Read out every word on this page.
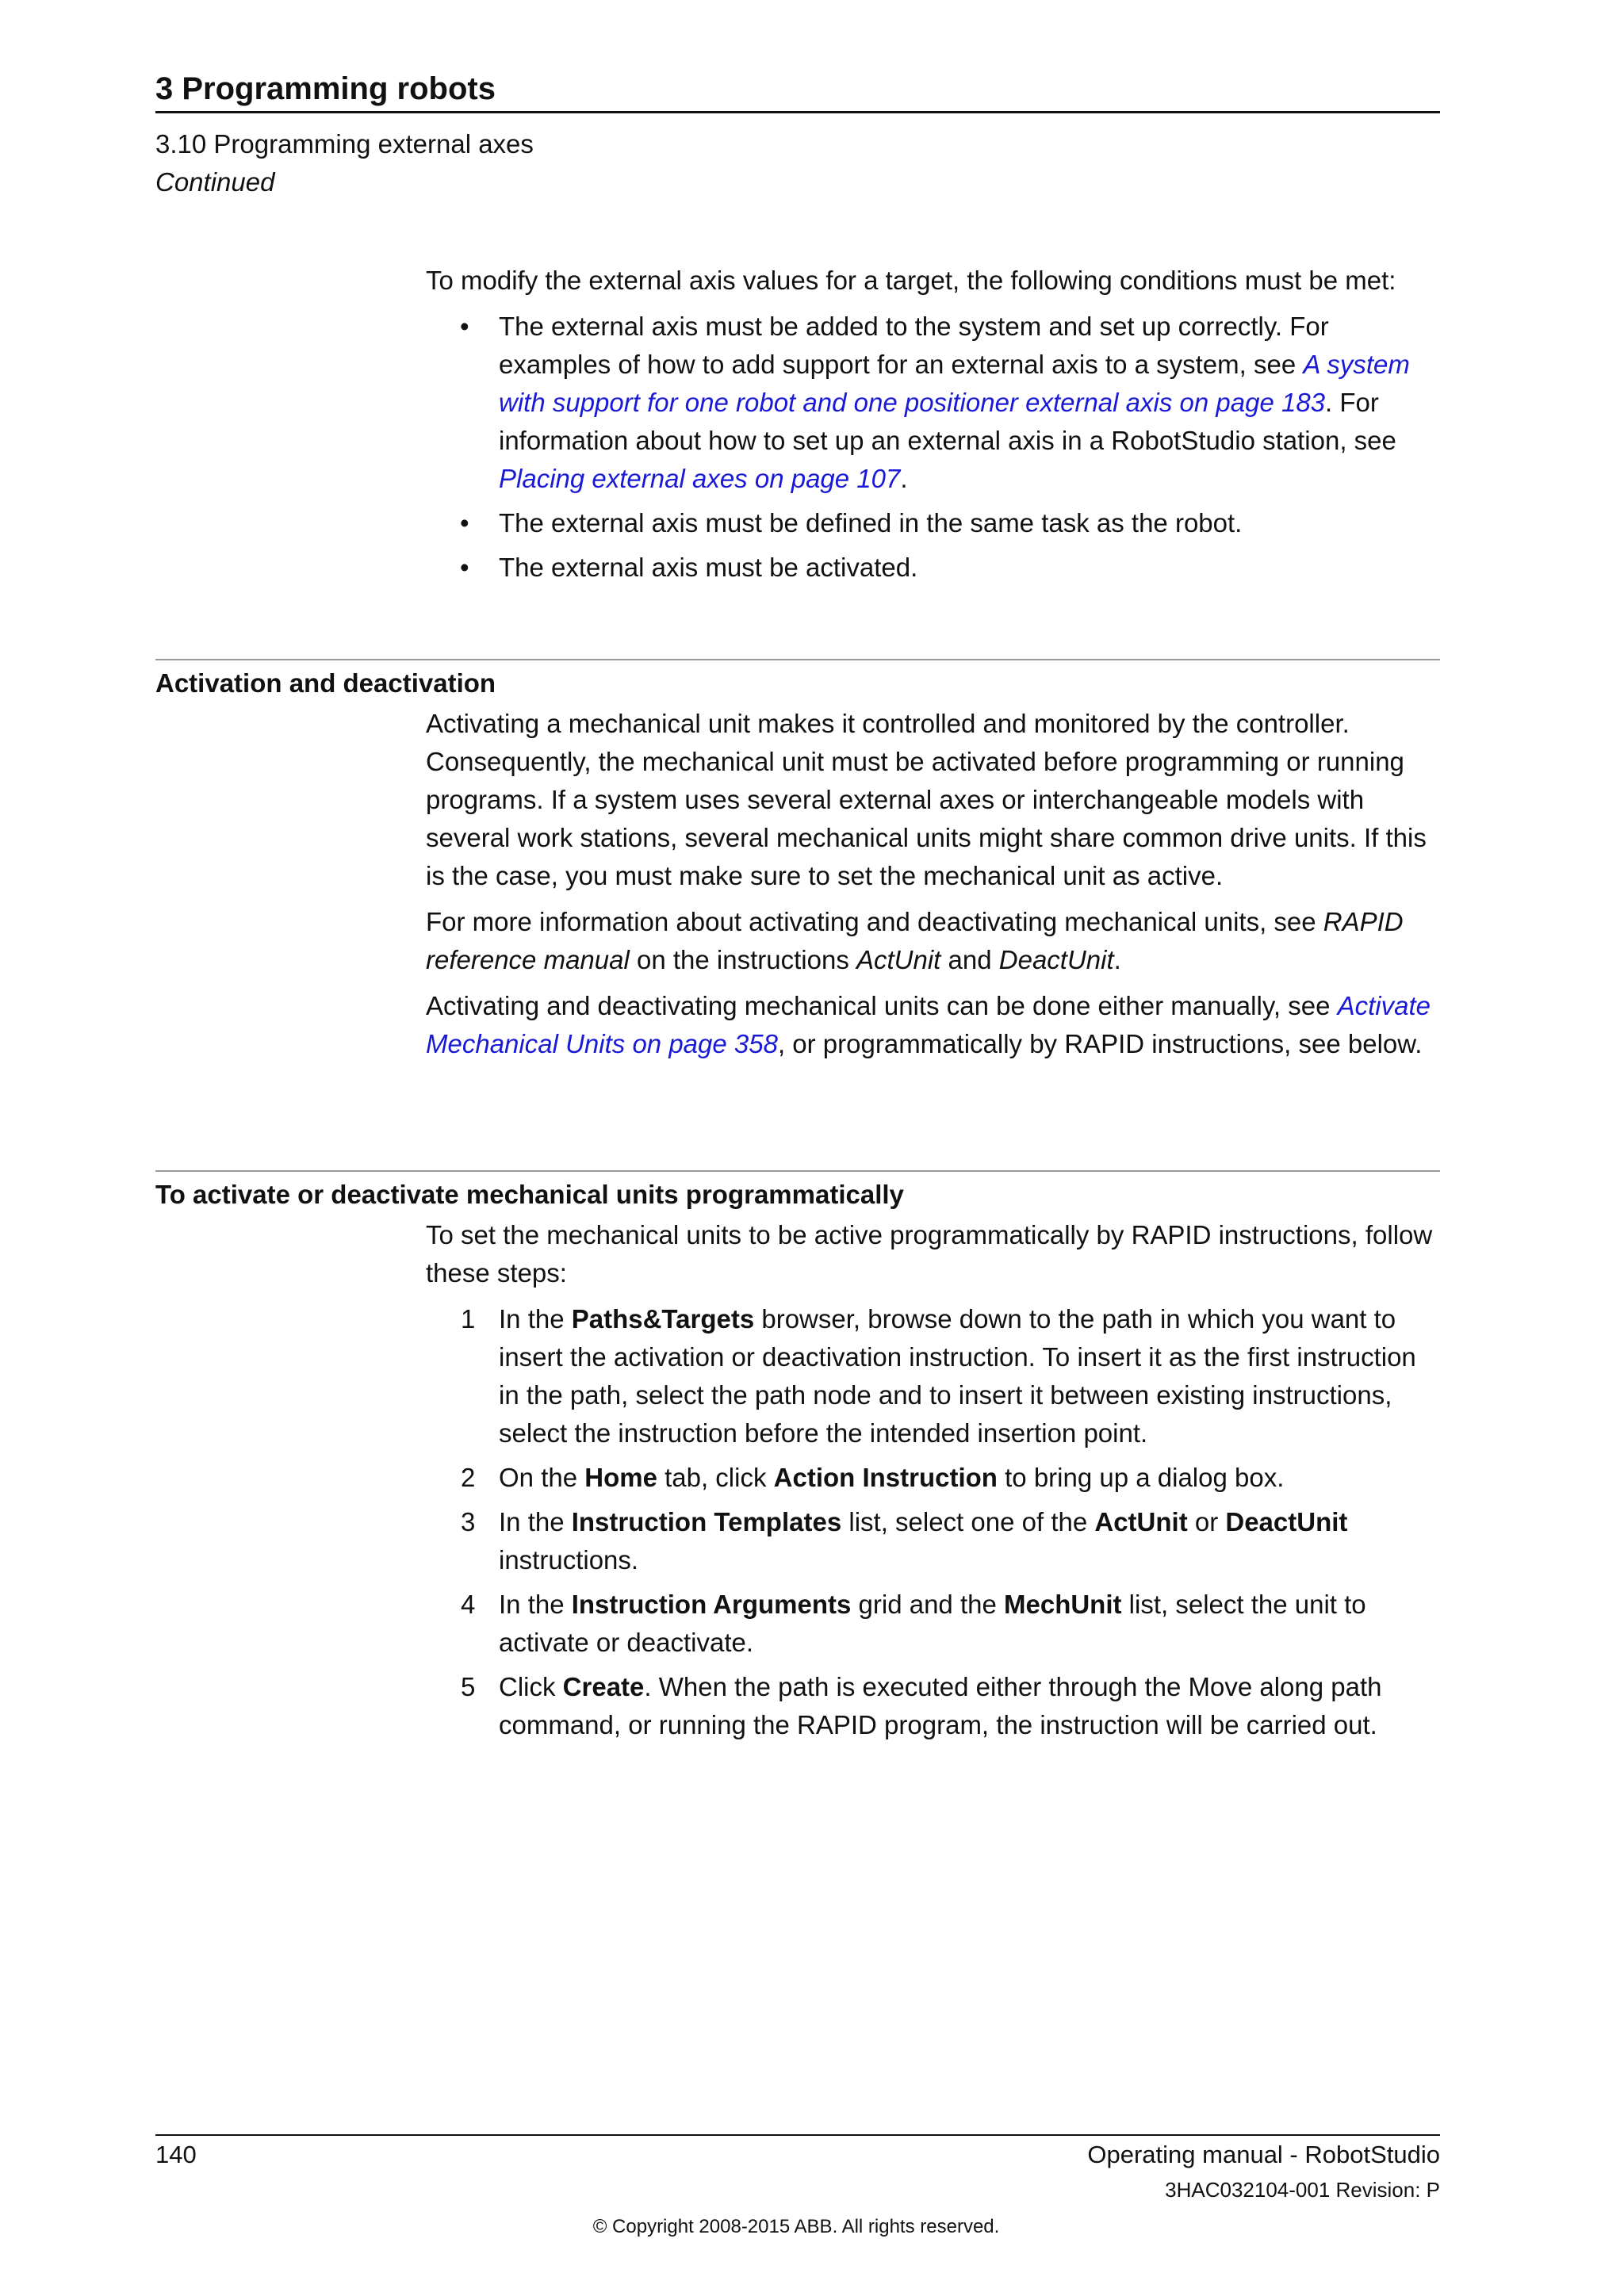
3 Programming robots
3.10 Programming external axes
Continued

To modify the external axis values for a target, the following conditions must be met:

• The external axis must be added to the system and set up correctly. For examples of how to add support for an external axis to a system, see A system with support for one robot and one positioner external axis on page 183. For information about how to set up an external axis in a RobotStudio station, see Placing external axes on page 107.
• The external axis must be defined in the same task as the robot.
• The external axis must be activated.
Activation and deactivation

Activating a mechanical unit makes it controlled and monitored by the controller. Consequently, the mechanical unit must be activated before programming or running programs. If a system uses several external axes or interchangeable models with several work stations, several mechanical units might share common drive units. If this is the case, you must make sure to set the mechanical unit as active.

For more information about activating and deactivating mechanical units, see RAPID reference manual on the instructions ActUnit and DeactUnit.

Activating and deactivating mechanical units can be done either manually, see Activate Mechanical Units on page 358, or programmatically by RAPID instructions, see below.

To activate or deactivate mechanical units programmatically

To set the mechanical units to be active programmatically by RAPID instructions, follow these steps:

1 In the Paths&Targets browser, browse down to the path in which you want to insert the activation or deactivation instruction. To insert it as the first instruction in the path, select the path node and to insert it between existing instructions, select the instruction before the intended insertion point.
2 On the Home tab, click Action Instruction to bring up a dialog box.
3 In the Instruction Templates list, select one of the ActUnit or DeactUnit instructions.
4 In the Instruction Arguments grid and the MechUnit list, select the unit to activate or deactivate.
5 Click Create. When the path is executed either through the Move along path command, or running the RAPID program, the instruction will be carried out.
140	Operating manual - RobotStudio
3HAC032104-001 Revision: P
© Copyright 2008-2015 ABB. All rights reserved.
